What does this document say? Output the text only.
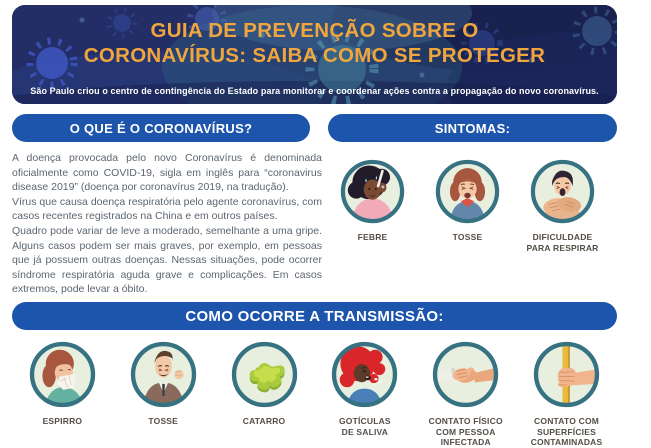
GUIA DE PREVENÇÃO SOBRE O
CORONAVÍRUS: SAIBA COMO SE PROTEGER
São Paulo criou o centro de contingência do Estado para monitorar e coordenar ações contra a propagação do novo coronavírus.
O QUE É O CORONAVÍRUS?	SINTOMAS:

A doença provocada pelo novo Coronavírus é denominada oficialmente como COVID-19, sigla em inglês para “coronavirus disease 2019” (doença por coronavírus 2019, na tradução).

Vírus que causa doença respiratória pelo agente coronavírus, com casos recentes registrados na China e em outros países.

Quadro pode variar de leve a moderado, semelhante a uma gripe. Alguns casos podem ser mais graves, por exemplo, em pessoas que já possuem outras doenças. Nessas situações, pode ocorrer síndrome respiratória aguda grave e complicações. Em casos extremos, pode levar a óbito.

FEBRE	TOSSE	DIFICULDADE PARA RESPIRAR
COMO OCORRE A TRANSMISSÃO:
ESPIRRO	TOSSE	CATARRO	GOTÍCULAS DE SALIVA
CONTATO FÍSICO COM PESSOA INFECTADA
CONTATO COM SUPERFÍCIES CONTAMINADAS
